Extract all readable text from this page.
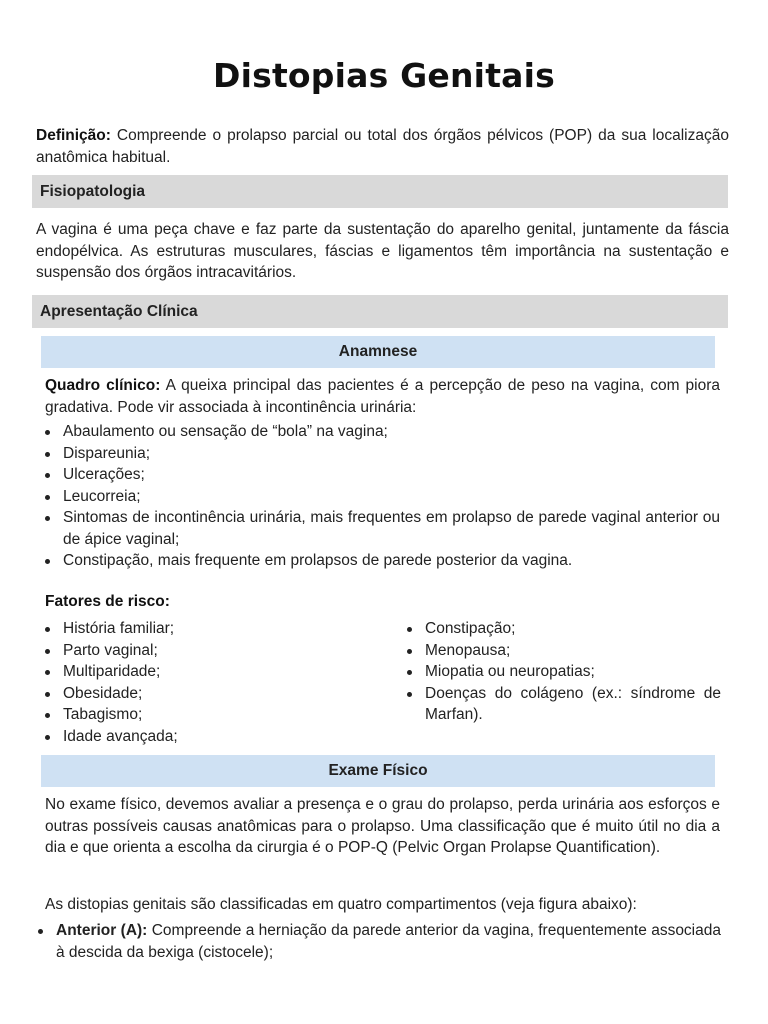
Distopias Genitais

Definição: Compreende o prolapso parcial ou total dos órgãos pélvicos (POP) da sua localização anatômica habitual.

Fisiopatologia

A vagina é uma peça chave e faz parte da sustentação do aparelho genital, juntamente da fáscia endopélvica. As estruturas musculares, fáscias e ligamentos têm importância na sustentação e suspensão dos órgãos intracavitários.

Apresentação Clínica
Anamnese

Quadro clínico: A queixa principal das pacientes é a percepção de peso na vagina, com piora gradativa. Pode vir associada à incontinência urinária:

Abaulamento ou sensação de “bola” na vagina;
Dispareunia;
Ulcerações;
Leucorreia;
Sintomas de incontinência urinária, mais frequentes em prolapso de parede vaginal anterior ou de ápice vaginal;
Constipação, mais frequente em prolapsos de parede posterior da vagina.
Fatores de risco:
História familiar;
Parto vaginal;
Multiparidade;
Obesidade;
Tabagismo;
Idade avançada;
Constipação;
Menopausa;
Miopatia ou neuropatias;
Doenças do colágeno (ex.: síndrome de Marfan).
Exame Físico

No exame físico, devemos avaliar a presença e o grau do prolapso, perda urinária aos esforços e outras possíveis causas anatômicas para o prolapso. Uma classificação que é muito útil no dia a dia e que orienta a escolha da cirurgia é o POP-Q (Pelvic Organ Prolapse Quantification).

As distopias genitais são classificadas em quatro compartimentos (veja figura abaixo):

Anterior (A): Compreende a herniação da parede anterior da vagina, frequentemente associada à descida da bexiga (cistocele);
